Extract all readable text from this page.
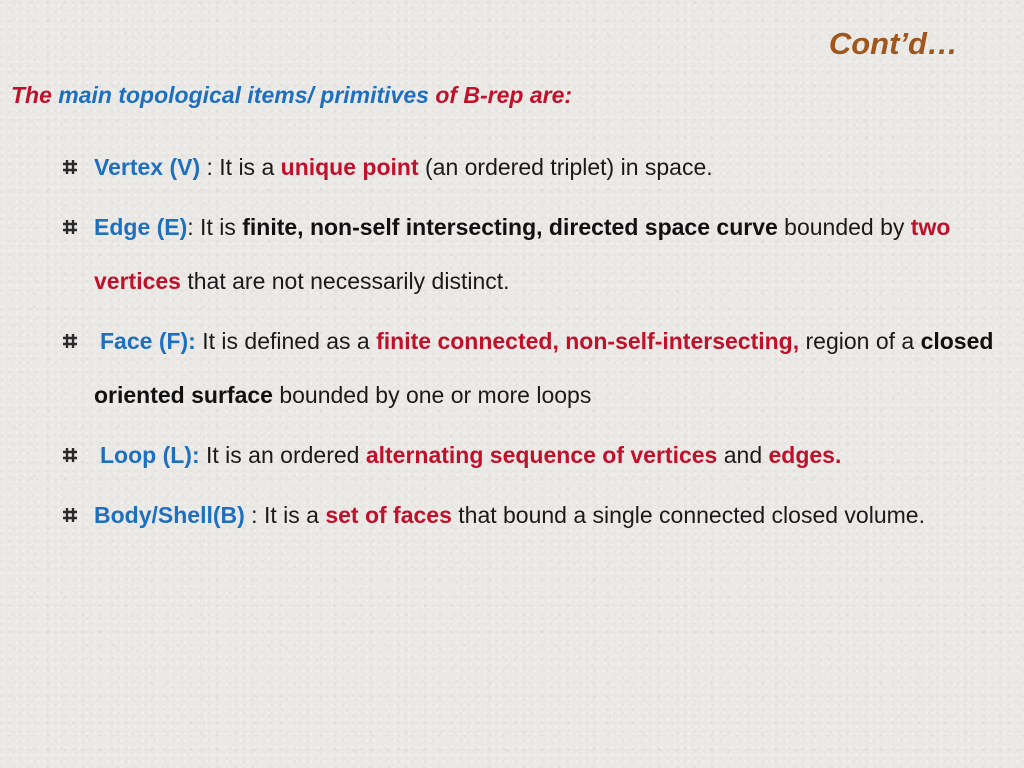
Cont’d…
The main topological items/ primitives of B-rep are:
Vertex (V) : It is a unique point (an ordered triplet) in space.
Edge (E): It is finite, non-self intersecting, directed space curve bounded by two vertices that are not necessarily distinct.
Face (F): It is defined as a finite connected, non-self-intersecting, region of a closed oriented surface bounded by one or more loops
Loop (L): It is an ordered alternating sequence of vertices and edges.
Body/Shell(B) : It is a set of faces that bound a single connected closed volume.
